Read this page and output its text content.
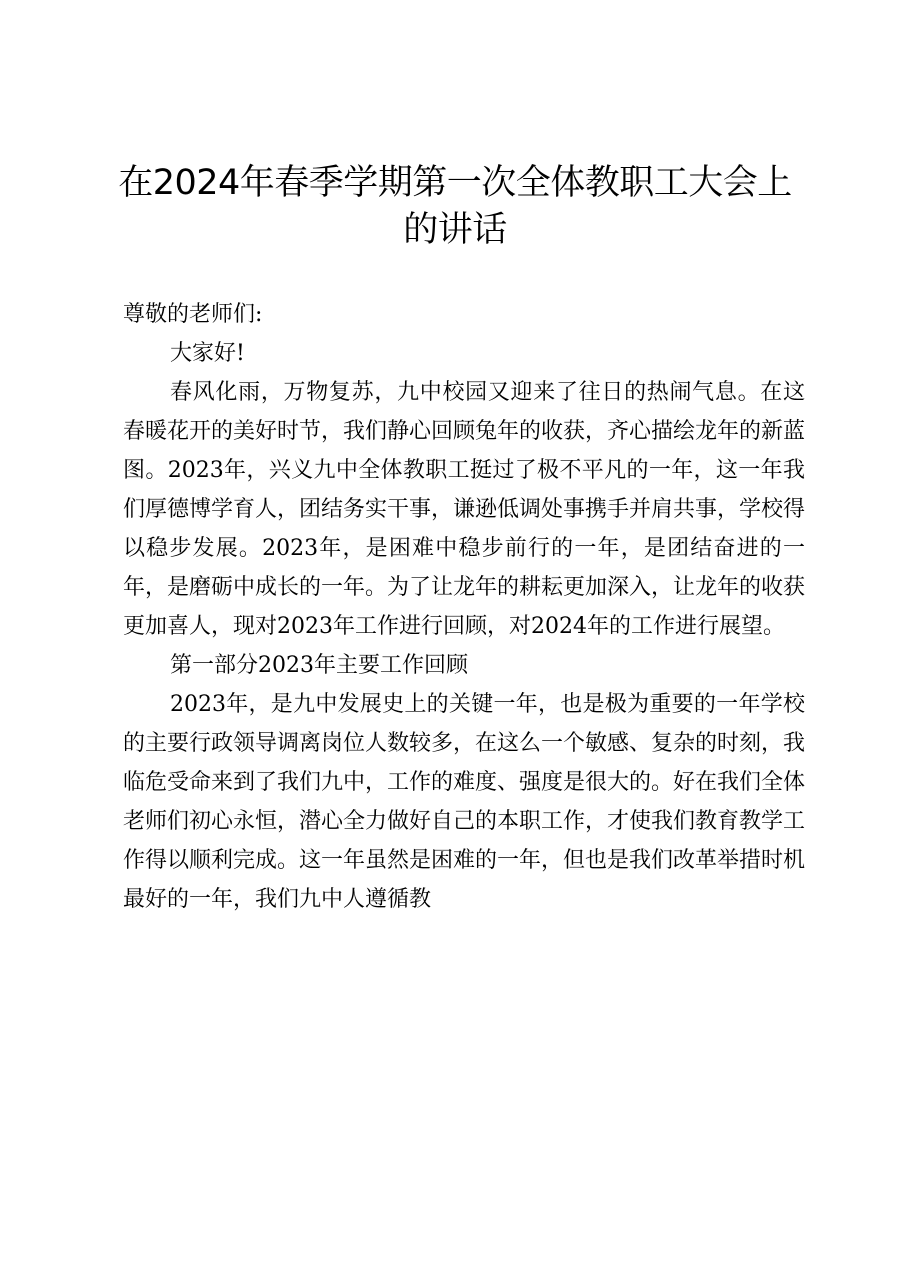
在2024年春季学期第一次全体教职工大会上的讲话

尊敬的老师们:

大家好!

春风化雨，万物复苏，九中校园又迎来了往日的热闹气息。在这春暖花开的美好时节，我们静心回顾兔年的收获，齐心描绘龙年的新蓝图。2023年，兴义九中全体教职工挺过了极不平凡的一年，这一年我们厚德博学育人，团结务实干事，谦逊低调处事携手并肩共事，学校得以稳步发展。2023年，是困难中稳步前行的一年，是团结奋进的一年，是磨砺中成长的一年。为了让龙年的耕耘更加深入，让龙年的收获更加喜人，现对2023年工作进行回顾，对2024年的工作进行展望。

第一部分2023年主要工作回顾

2023年，是九中发展史上的关键一年，也是极为重要的一年学校的主要行政领导调离岗位人数较多，在这么一个敏感、复杂的时刻，我临危受命来到了我们九中，工作的难度、强度是很大的。好在我们全体老师们初心永恒，潜心全力做好自己的本职工作，才使我们教育教学工作得以顺利完成。这一年虽然是困难的一年，但也是我们改革举措时机最好的一年，我们九中人遵循教
